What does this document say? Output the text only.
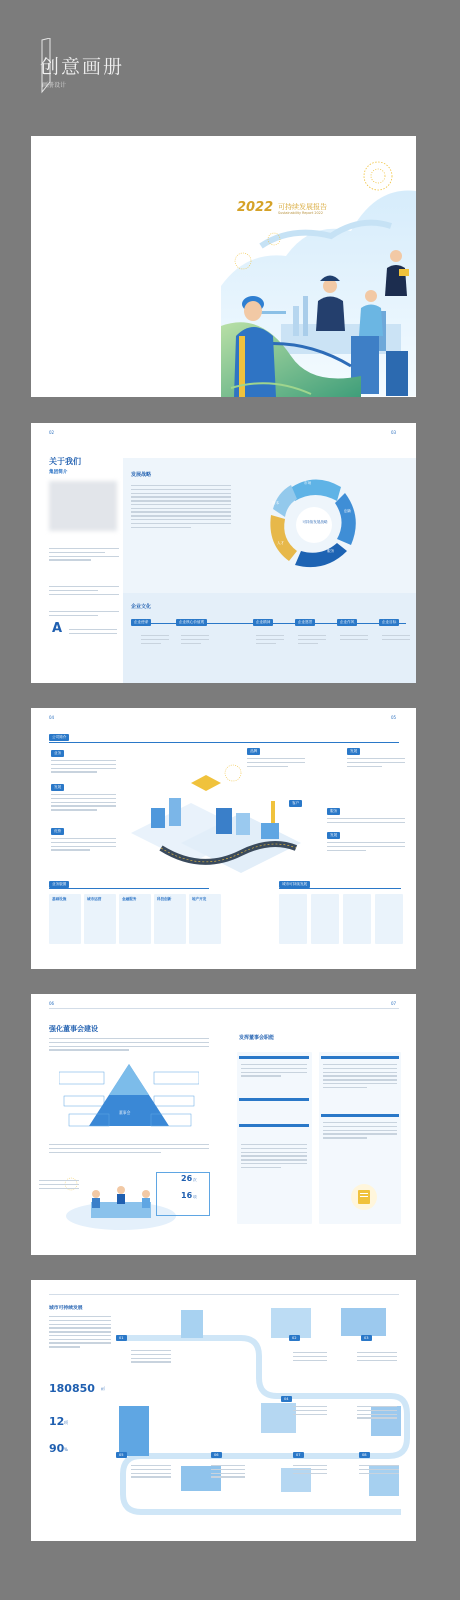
创意画册
画册设计
2022 可持续发展报告
Sustainability Report 2022
02	03
关于我们
集团简介
A
发展战略
可持续发展战略
市场
创新
服务
人才
资本
企业文化
企业使命	企业核心价值观	企业精神	企业愿景	企业作风	企业目标
04	05
公司简介
业务
发展
优势
品牌	发展
客户
服务
发展
业务版图	城市可持续发展
基础设施	城市运营	金融服务	科技创新	地产开发
06	07
强化董事会建设
董事会
26 次
16 项
发挥董事会职能
城市可持续发展
180850 ㎡
12 项
90 %
01	02	03
04
05	06	07	08
